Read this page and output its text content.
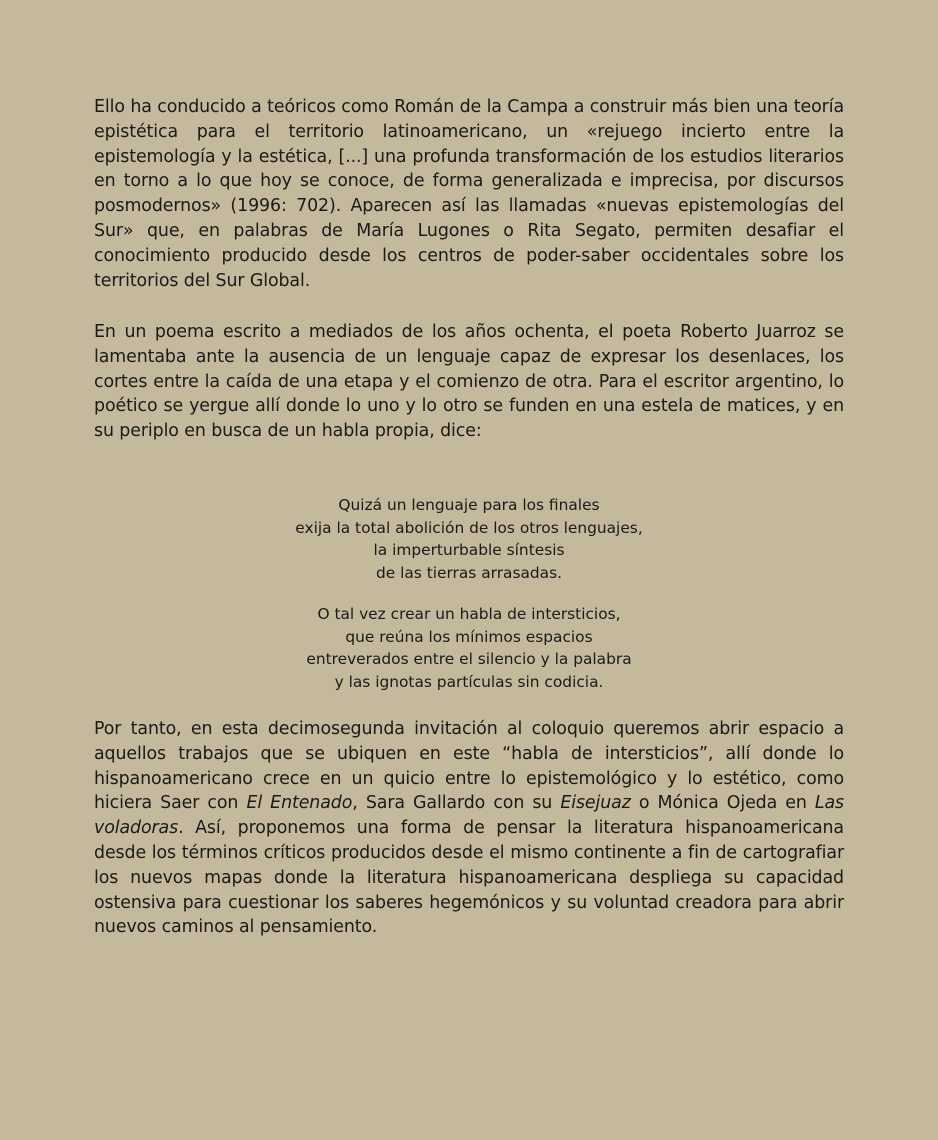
Ello ha conducido a teóricos como Román de la Campa a construir más bien una teoría epistética para el territorio latinoamericano, un «rejuego incierto entre la epistemología y la estética, [...] una profunda transformación de los estudios literarios en torno a lo que hoy se conoce, de forma generalizada e imprecisa, por discursos posmodernos» (1996: 702). Aparecen así las llamadas «nuevas epistemologías del Sur» que, en palabras de María Lugones o Rita Segato, permiten desafiar el conocimiento producido desde los centros de poder-saber occidentales sobre los territorios del Sur Global.

En un poema escrito a mediados de los años ochenta, el poeta Roberto Juarroz se lamentaba ante la ausencia de un lenguaje capaz de expresar los desenlaces, los cortes entre la caída de una etapa y el comienzo de otra. Para el escritor argentino, lo poético se yergue allí donde lo uno y lo otro se funden en una estela de matices, y en su periplo en busca de un habla propia, dice:

Quizá un lenguaje para los finales
exija la total abolición de los otros lenguajes,
la imperturbable síntesis
de las tierras arrasadas.
O tal vez crear un habla de intersticios,
que reúna los mínimos espacios
entreverados entre el silencio y la palabra
y las ignotas partículas sin codicia.

Por tanto, en esta decimosegunda invitación al coloquio queremos abrir espacio a aquellos trabajos que se ubiquen en este “habla de intersticios”, allí donde lo hispanoamericano crece en un quicio entre lo epistemológico y lo estético, como hiciera Saer con El Entenado, Sara Gallardo con su Eisejuaz o Mónica Ojeda en Las voladoras. Así, proponemos una forma de pensar la literatura hispanoamericana desde los términos críticos producidos desde el mismo continente a fin de cartografiar los nuevos mapas donde la literatura hispanoamericana despliega su capacidad ostensiva para cuestionar los saberes hegemónicos y su voluntad creadora para abrir nuevos caminos al pensamiento.
